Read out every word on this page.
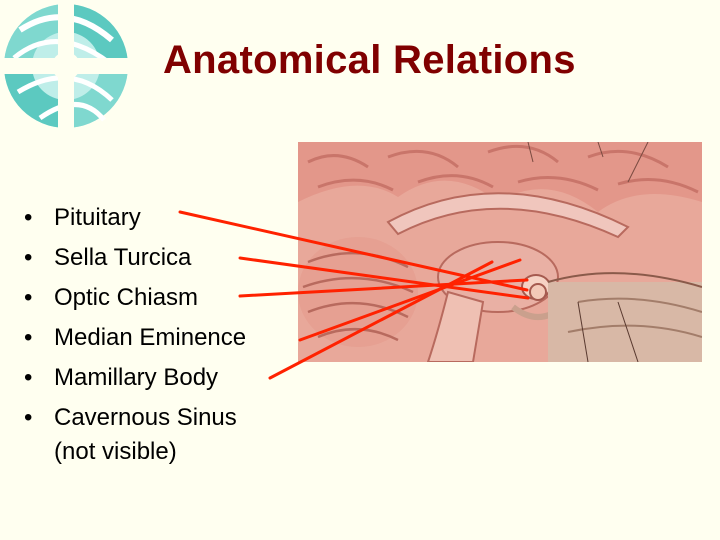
Anatomical Relations
• Pituitary
• Sella Turcica
• Optic Chiasm
• Median Eminence
• Mamillary Body
• Cavernous Sinus
(not visible)
